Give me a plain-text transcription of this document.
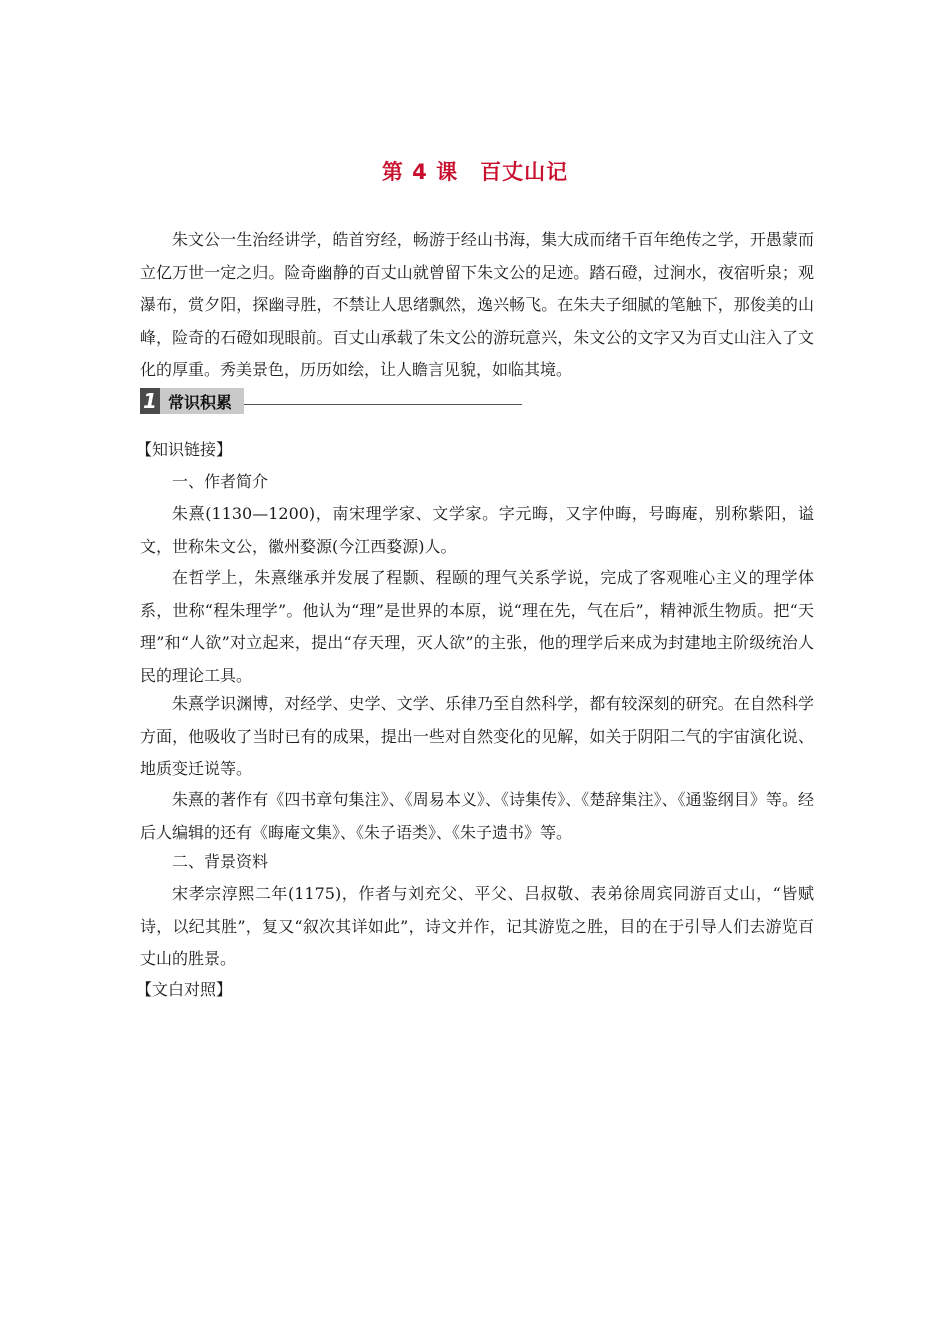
第 4 课 百丈山记

朱文公一生治经讲学，皓首穷经，畅游于经山书海，集大成而绪千百年绝传之学，开愚蒙而立亿万世一定之归。险奇幽静的百丈山就曾留下朱文公的足迹。踏石磴，过涧水，夜宿听泉；观瀑布，赏夕阳，探幽寻胜，不禁让人思绪飘然，逸兴畅飞。在朱夫子细腻的笔触下，那俊美的山峰，险奇的石磴如现眼前。百丈山承载了朱文公的游玩意兴，朱文公的文字又为百丈山注入了文化的厚重。秀美景色，历历如绘，让人瞻言见貌，如临其境。

1 常识积累
【知识链接】
一、作者简介

朱熹(1130—1200)，南宋理学家、文学家。字元晦，又字仲晦，号晦庵，别称紫阳，谥文，世称朱文公，徽州婺源(今江西婺源)人。

在哲学上，朱熹继承并发展了程颢、程颐的理气关系学说，完成了客观唯心主义的理学体系，世称“程朱理学”。他认为“理”是世界的本原，说“理在先，气在后”，精神派生物质。把“天理”和“人欲”对立起来，提出“存天理，灭人欲”的主张，他的理学后来成为封建地主阶级统治人民的理论工具。

朱熹学识渊博，对经学、史学、文学、乐律乃至自然科学，都有较深刻的研究。在自然科学方面，他吸收了当时已有的成果，提出一些对自然变化的见解，如关于阴阳二气的宇宙演化说、地质变迁说等。

朱熹的著作有《四书章句集注》、《周易本义》、《诗集传》、《楚辞集注》、《通鉴纲目》等。经后人编辑的还有《晦庵文集》、《朱子语类》、《朱子遗书》等。

二、背景资料

宋孝宗淳熙二年(1175)，作者与刘充父、平父、吕叔敬、表弟徐周宾同游百丈山，“皆赋诗，以纪其胜”，复又“叙次其详如此”，诗文并作，记其游览之胜，目的在于引导人们去游览百丈山的胜景。

【文白对照】
